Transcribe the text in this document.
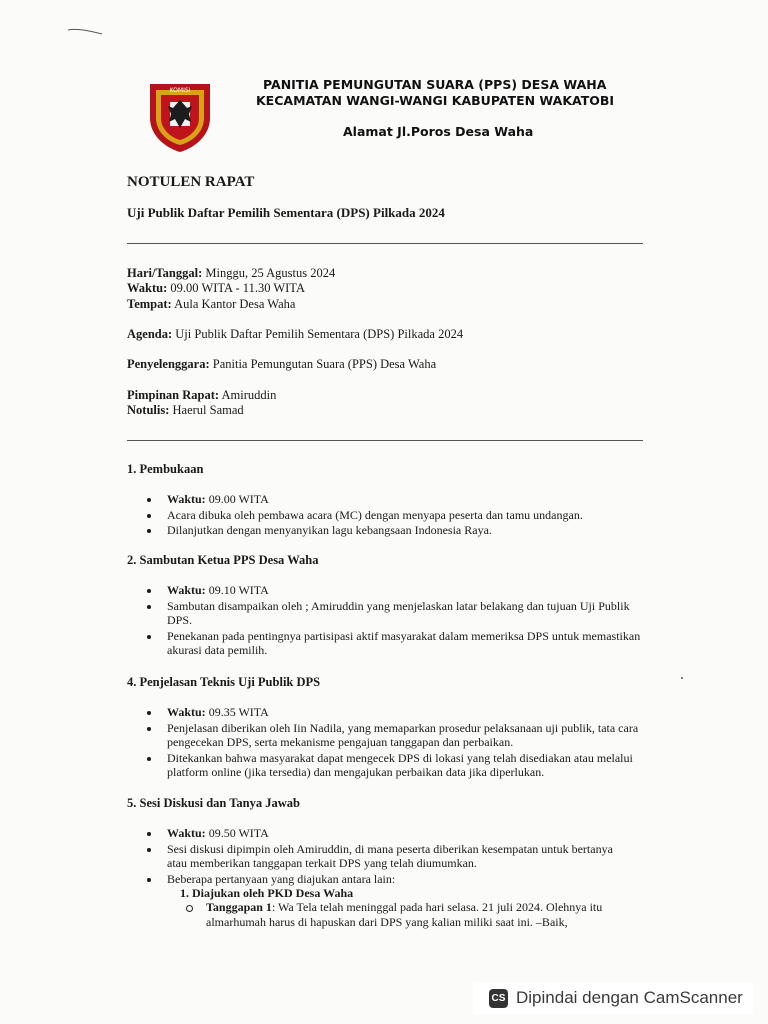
KOMISI	PANITIA PEMUNGUTAN SUARA (PPS) DESA WAHA
KECAMATAN WANGI-WANGI KABUPATEN WAKATOBI
Alamat Jl.Poros Desa Waha
NOTULEN RAPAT
Uji Publik Daftar Pemilih Sementara (DPS) Pilkada 2024
Hari/Tanggal: Minggu, 25 Agustus 2024
Waktu: 09.00 WITA - 11.30 WITA
Tempat: Aula Kantor Desa Waha
Agenda: Uji Publik Daftar Pemilih Sementara (DPS) Pilkada 2024
Penyelenggara: Panitia Pemungutan Suara (PPS) Desa Waha
Pimpinan Rapat: Amiruddin
Notulis: Haerul Samad
1. Pembukaan
Waktu: 09.00 WITA
Acara dibuka oleh pembawa acara (MC) dengan menyapa peserta dan tamu undangan.
Dilanjutkan dengan menyanyikan lagu kebangsaan Indonesia Raya.
2. Sambutan Ketua PPS Desa Waha
Waktu: 09.10 WITA
Sambutan disampaikan oleh ; Amiruddin yang menjelaskan latar belakang dan tujuan Uji Publik DPS.
Penekanan pada pentingnya partisipasi aktif masyarakat dalam memeriksa DPS untuk memastikan akurasi data pemilih.
4. Penjelasan Teknis Uji Publik DPS
Waktu: 09.35 WITA
Penjelasan diberikan oleh Iin Nadila, yang memaparkan prosedur pelaksanaan uji publik, tata cara pengecekan DPS, serta mekanisme pengajuan tanggapan dan perbaikan.
Ditekankan bahwa masyarakat dapat mengecek DPS di lokasi yang telah disediakan atau melalui platform online (jika tersedia) dan mengajukan perbaikan data jika diperlukan.
5. Sesi Diskusi dan Tanya Jawab
Waktu: 09.50 WITA
Sesi diskusi dipimpin oleh Amiruddin, di mana peserta diberikan kesempatan untuk bertanya atau memberikan tanggapan terkait DPS yang telah diumumkan.
Beberapa pertanyaan yang diajukan antara lain:
1. Diajukan oleh PKD Desa Waha
Tanggapan 1: Wa Tela telah meninggal pada hari selasa. 21 juli 2024. Olehnya itu almarhumah harus di hapuskan dari DPS yang kalian miliki saat ini. –Baik,
CS Dipindai dengan CamScanner
